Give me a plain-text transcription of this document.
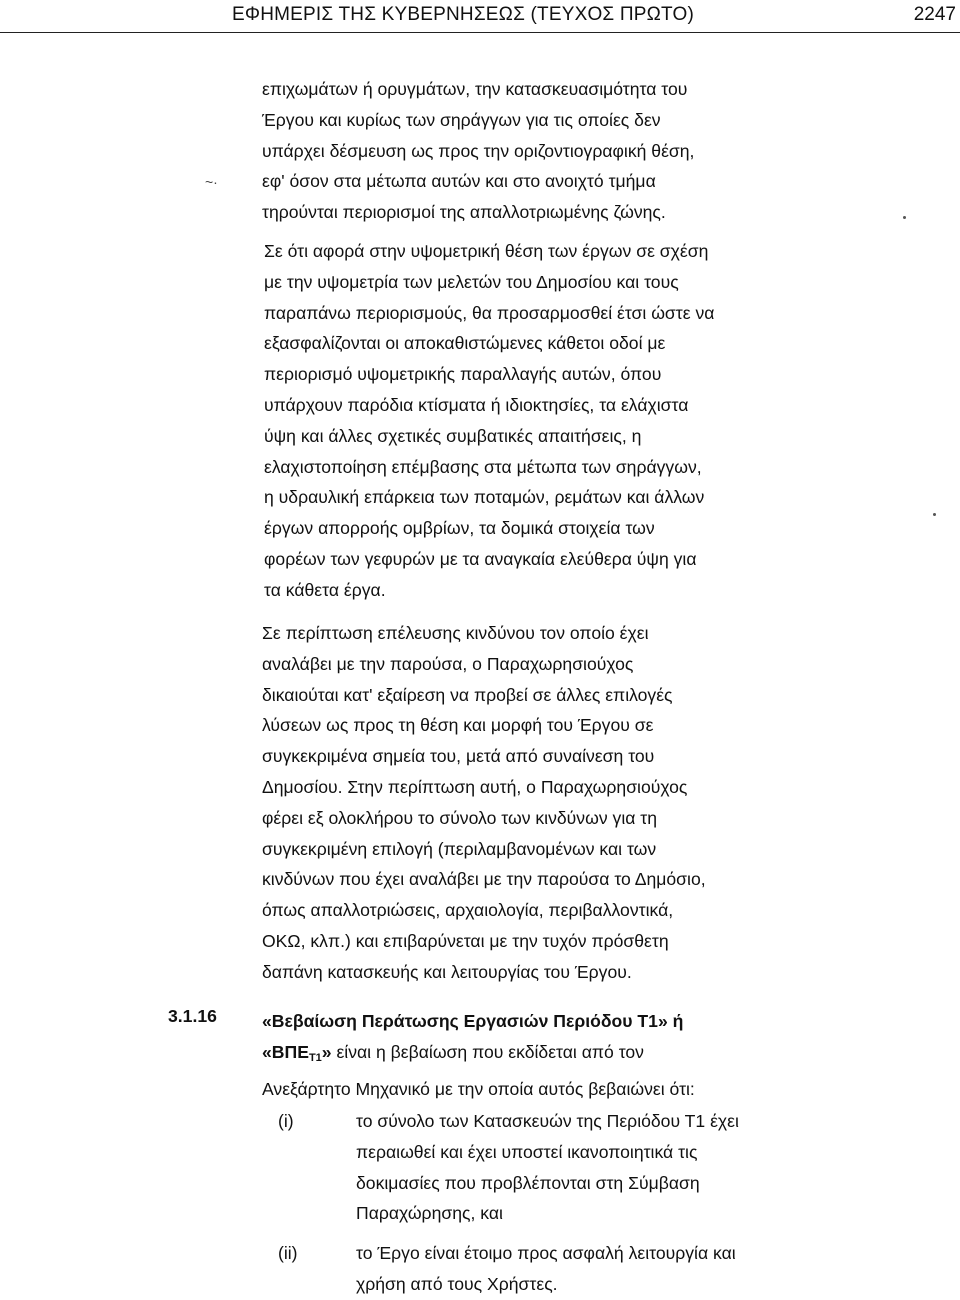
ΕΦΗΜΕΡΙΣ ΤΗΣ ΚΥΒΕΡΝΗΣΕΩΣ (ΤΕΥΧΟΣ ΠΡΩΤΟ)	2247
~·
επιχωμάτων ή ορυγμάτων, την κατασκευασιμότητα του
Έργου και κυρίως των σηράγγων για τις οποίες δεν
υπάρχει δέσμευση ως προς την οριζοντιογραφική θέση,
εφ' όσον στα μέτωπα αυτών και στο ανοιχτό τμήμα
τηρούνται περιορισμοί της απαλλοτριωμένης ζώνης.
Σε ότι αφορά στην υψομετρική θέση των έργων σε σχέση
με την υψομετρία των μελετών του Δημοσίου και τους
παραπάνω περιορισμούς, θα προσαρμοσθεί έτσι ώστε να
εξασφαλίζονται οι αποκαθιστώμενες κάθετοι οδοί με
περιορισμό υψομετρικής παραλλαγής αυτών, όπου
υπάρχουν παρόδια κτίσματα ή ιδιοκτησίες, τα ελάχιστα
ύψη και άλλες σχετικές συμβατικές απαιτήσεις, η
ελαχιστοποίηση επέμβασης στα μέτωπα των σηράγγων,
η υδραυλική επάρκεια των ποταμών, ρεμάτων και άλλων
έργων απορροής ομβρίων, τα δομικά στοιχεία των
φορέων των γεφυρών με τα αναγκαία ελεύθερα ύψη για
τα κάθετα έργα.
Σε περίπτωση επέλευσης κινδύνου τον οποίο έχει
αναλάβει με την παρούσα, ο Παραχωρησιούχος
δικαιούται κατ' εξαίρεση να προβεί σε άλλες επιλογές
λύσεων ως προς τη θέση και μορφή του Έργου σε
συγκεκριμένα σημεία του, μετά από συναίνεση του
Δημοσίου. Στην περίπτωση αυτή, ο Παραχωρησιούχος
φέρει εξ ολοκλήρου το σύνολο των κινδύνων για τη
συγκεκριμένη επιλογή (περιλαμβανομένων και των
κινδύνων που έχει αναλάβει με την παρούσα το Δημόσιο,
όπως απαλλοτριώσεις, αρχαιολογία, περιβαλλοντικά,
ΟΚΩ, κλπ.) και επιβαρύνεται με την τυχόν πρόσθετη
δαπάνη κατασκευής και λειτουργίας του Έργου.
3.1.16	«Βεβαίωση Περάτωσης Εργασιών Περιόδου Τ1» ή
«$B\Pi E_{T1}$» είναι η βεβαίωση που εκδίδεται από τον
Ανεξάρτητο Μηχανικό με την οποία αυτός βεβαιώνει ότι:
(i)	το σύνολο των Κατασκευών της Περιόδου Τ1 έχει
περαιωθεί και έχει υποστεί ικανοποιητικά τις
δοκιμασίες που προβλέπονται στη Σύμβαση
Παραχώρησης, και
(ii)	το Έργο είναι έτοιμο προς ασφαλή λειτουργία και
χρήση από τους Χρήστες.
